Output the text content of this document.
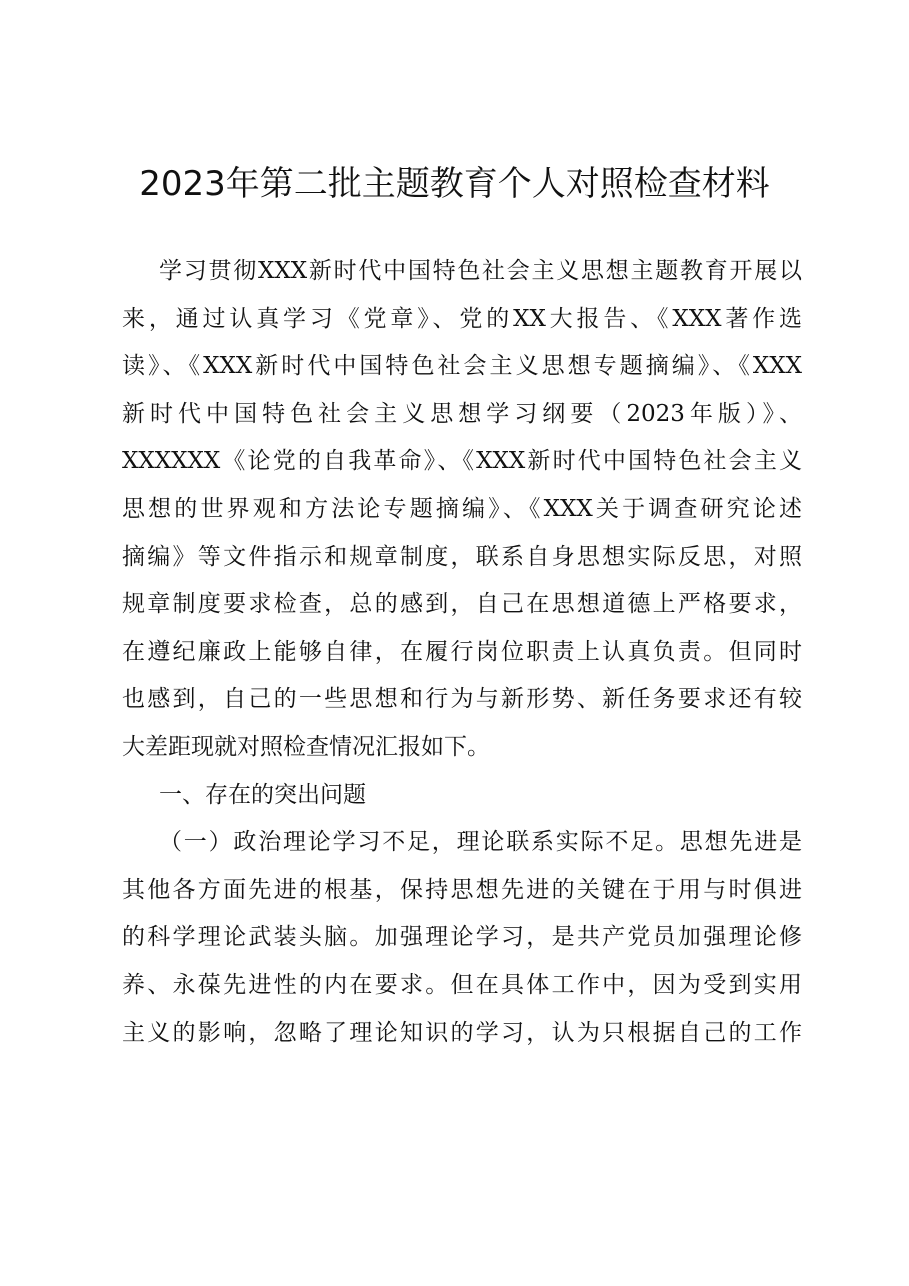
2023年第二批主题教育个人对照检查材料

学习贯彻XXX新时代中国特色社会主义思想主题教育开展以

来，通过认真学习《党章》、党的XX大报告、《XXX著作选

读》、《XXX新时代中国特色社会主义思想专题摘编》、《XXX

新时代中国特色社会主义思想学习纲要（2023年版）》、

XXXXXX《论党的自我革命》、《XXX新时代中国特色社会主义

思想的世界观和方法论专题摘编》、《XXX关于调查研究论述

摘编》等文件指示和规章制度，联系自身思想实际反思，对照

规章制度要求检查，总的感到，自己在思想道德上严格要求，

在遵纪廉政上能够自律，在履行岗位职责上认真负责。但同时

也感到，自己的一些思想和行为与新形势、新任务要求还有较

大差距现就对照检查情况汇报如下。

一、存在的突出问题

（一）政治理论学习不足，理论联系实际不足。思想先进是

其他各方面先进的根基，保持思想先进的关键在于用与时俱进

的科学理论武装头脑。加强理论学习，是共产党员加强理论修

养、永葆先进性的内在要求。但在具体工作中，因为受到实用

主义的影响，忽略了理论知识的学习，认为只根据自己的工作
